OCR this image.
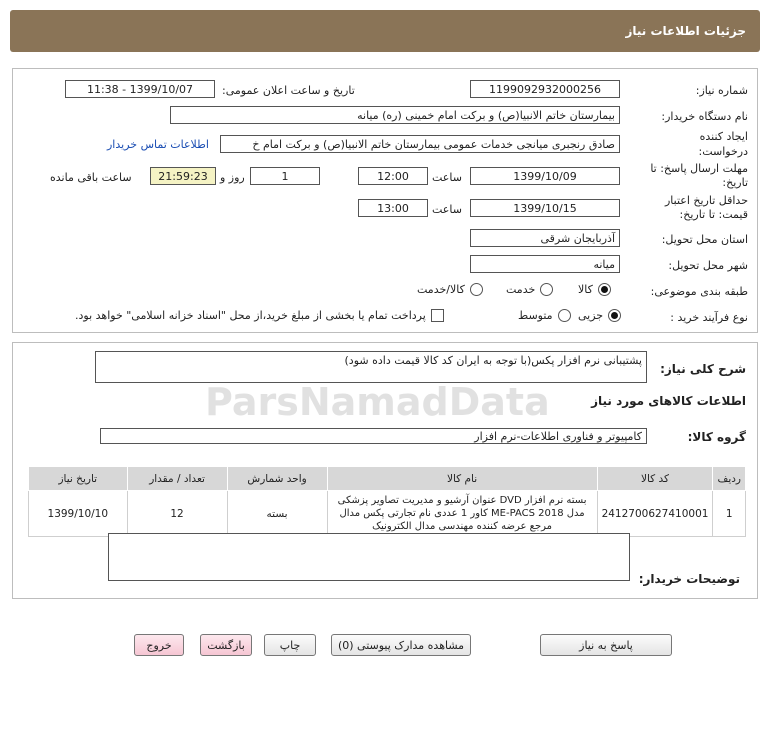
جزئیات اطلاعات نیاز
شماره نیاز:
1199092932000256
تاریخ و ساعت اعلان عمومی:
1399/10/07 - 11:38
نام دستگاه خریدار:
بیمارستان خاتم الانبیا(ص) و برکت امام خمینی (ره) میانه
ایجاد کننده درخواست:
صادق رنجبری میانجی خدمات عمومی بیمارستان خاتم الانبیا(ص) و برکت امام خ
اطلاعات تماس خریدار
مهلت ارسال پاسخ: تا تاریخ:
1399/10/09
ساعت
12:00
1
روز و
21:59:23
ساعت باقی مانده
حداقل تاریخ اعتبار قیمت: تا تاریخ:
1399/10/15
ساعت
13:00
استان محل تحویل:
آذربایجان شرقی
شهر محل تحویل:
میانه
طبقه بندی موضوعی:
کالا
خدمت
کالا/خدمت
نوع فرآیند خرید :
جزیی
متوسط
پرداخت تمام یا بخشی از مبلغ خرید،از محل "اسناد خزانه اسلامی" خواهد بود.
شرح کلی نیاز:
پشتیبانی نرم افزار پکس(با توجه به ایران کد کالا قیمت داده شود)
اطلاعات کالاهای مورد نیاز
گروه کالا:
کامپیوتر و فناوری اطلاعات-نرم افزار
ردیف	کد کالا	نام کالا	واحد شمارش	تعداد / مقدار	تاریخ نیاز
1	2412700627410001	بسته نرم افزار DVD عنوان آرشیو و مدیریت تصاویر پزشکی مدل ME-PACS 2018 کاور 1 عددی نام تجارتی پکس مدال مرجع عرضه کننده مهندسی مدال الکترونیک	بسته	12	1399/10/10
توضیحات خریدار:
ParsNamadData
پاسخ به نیاز
مشاهده مدارک پیوستی (0)
چاپ
بازگشت
خروج
